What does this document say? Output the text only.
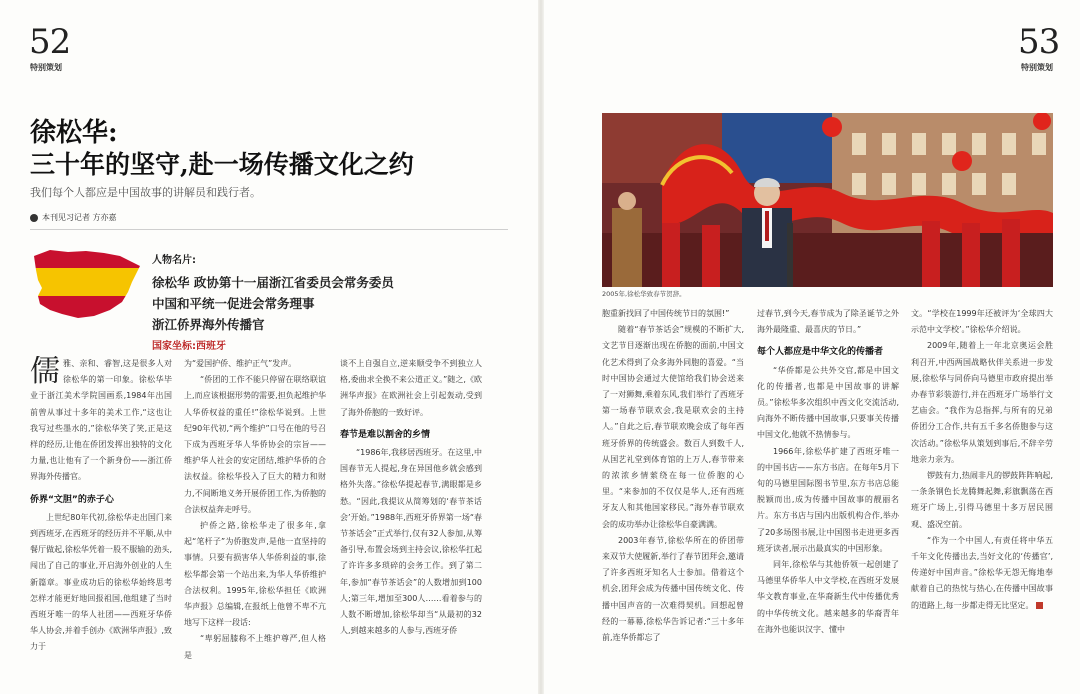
52
特别策划
53
特别策划
徐松华:
三十年的坚守,赴一场传播文化之约
我们每个人都应是中国故事的讲解员和践行者。
本刊见习记者 方亦嘉
人物名片:
徐松华 政协第十一届浙江省委员会常务委员
中国和平统一促进会常务理事
浙江侨界海外传播官
国家坐标:西班牙

儒雅、亲和、睿智,这是很多人对徐松华的第一印象。徐松华毕业于浙江美术学院国画系,1984年出国前曾从事过十多年的美术工作,“这也让我写过些墨水的,”徐松华笑了笑,正是这样的经历,让他在侨团发挥出独特的文化力量,也让他有了一个新身份——浙江侨界海外传播官。

侨界“文胆”的赤子心

上世纪80年代初,徐松华走出国门来到西班牙,在西班牙的经历并不平顺,从中餐厅做起,徐松华凭着一股不服输的劲头,闯出了自己的事业,开启海外创业的人生新篇章。事业成功后的徐松华始终思考怎样才能更好地回报祖国,他组建了当时西班牙唯一的华人社团——西班牙华侨华人协会,并着手创办《欧洲华声报》,致力于

为“爱国护侨、维护正气”发声。

“侨团的工作不能只停留在联络联谊上,而应该根据形势的需要,担负起维护华人华侨权益的重任!”徐松华说到。上世纪90年代初,“两个维护”口号在他的号召下成为西班牙华人华侨协会的宗旨——维护华人社会的安定团结,维护华侨的合法权益。徐松华投入了巨大的精力和财力,不间断地义务开展侨团工作,为侨胞的合法权益奔走呼号。

护侨之路,徐松华走了很多年,拿起“笔杆子”为侨胞发声,是他一直坚持的事情。只要有损害华人华侨利益的事,徐松华都会第一个站出来,为华人华侨维护合法权利。1995年,徐松华担任《欧洲华声报》总编辑,在报纸上他曾不卑不亢地写下这样一段话:

“卑躬屈膝称不上维护尊严,但人格是

谈不上自强自立,逆来顺受争不到独立人格,委曲求全换不来公道正义。”随之,《欧洲华声报》在欧洲社会上引起轰动,受到了海外侨胞的一致好评。

春节是难以割舍的乡情

“1986年,我移居西班牙。在这里,中国春节无人提起,身在异国他乡就会感到格外失落。”徐松华提起春节,满眼都是乡愁。“因此,我提议从简筹划的‘春节茶话会’开始。”1988年,西班牙侨界第一场“春节茶话会”正式举行,仅有32人参加,从筹备引导,布置会场到主持会议,徐松华扛起了许许多多琐碎的会务工作。到了第二年,参加“春节茶话会”的人数增加到100人;第三年,增加至300人……看着参与的人数不断增加,徐松华却当“从最初的32人,到越来越多的人参与,西班牙侨

2005年,徐松华致春节贺辞。

胞重新找回了中国传统节日的氛围!”

随着“春节茶话会”规模的不断扩大,文艺节目逐渐出现在侨胞的面前,中国文化艺术得到了众多海外同胞的喜爱。“当时中国协会通过大使馆给我们协会送来了一对狮舞,乘着东风,我们举行了西班牙第一场春节联欢会,我是联欢会的主持人。”自此之后,春节联欢晚会成了每年西班牙侨界的传统盛会。数百人到数千人,从国艺礼堂到体育馆的上万人,春节带来的浓浓乡情萦绕在每一位侨胞的心里。“来参加的不仅仅是华人,还有西班牙友人和其他国家移民。”海外春节联欢会的成功举办让徐松华自豪满满。

2003年春节,徐松华所在的侨团带来双节大使履新,举行了春节团拜会,邀请了许多西班牙知名人士参加。借着这个机会,团拜会成为传播中国传统文化、传播中国声音的一次难得契机。回想起曾经的一幕幕,徐松华告诉记者:“三十多年前,连华侨都忘了

过春节,到今天,春节成为了除圣诞节之外海外最隆重、最喜庆的节日。”

每个人都应是中华文化的传播者

“华侨都是公共外交官,都是中国文化的传播者,也都是中国故事的讲解员。”徐松华多次组织中西文化交流活动,向海外不断传播中国故事,只要事关传播中国文化,他就不热情参与。

1966年,徐松华扩建了西班牙唯一的中国书店——东方书店。在每年5月下旬的马德里国际图书节里,东方书店总能脱颖而出,成为传播中国故事的靓丽名片。东方书店与国内出版机构合作,举办了20多场图书展,让中国图书走进更多西班牙读者,展示出最真实的中国形象。

同年,徐松华与其他侨领一起创建了马德里华侨华人中文学校,在西班牙发展华文教育事业,在华裔新生代中传播优秀的中华传统文化。越来越多的华裔青年在海外也能识汉字、懂中

文。“学校在1999年还被评为‘全球四大示范中文学校’。”徐松华介绍说。

2009年,随着上一年北京奥运会胜利召开,中西两国战略伙伴关系进一步发展,徐松华与同侨向马德里市政府提出举办春节彩装游行,并在西班牙广场举行文艺庙会。“我作为总指挥,与所有的兄弟侨团分工合作,共有五千多名侨胞参与这次活动。”徐松华从策划到事后,不辞辛劳地亲力亲为。

锣鼓有力,热闹非凡的锣鼓阵阵响起,一条条钢色长龙腾舞起舞,彩旗飘荡在西班牙广场上,引得马德里十多万居民围观、盛况空前。

“作为一个中国人,有责任将中华五千年文化传播出去,当好文化的‘传播官’,传递好中国声音。”徐松华无怨无悔地奉献着自己的热忱与热心,在传播中国故事的道路上,每一步都走得无比坚定。
